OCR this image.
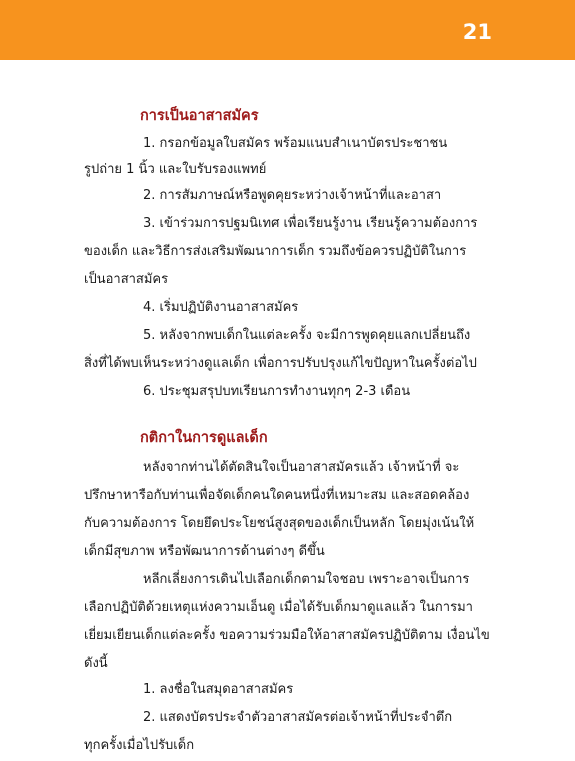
21
การเป็นอาสาสมัคร
1. กรอกข้อมูลใบสมัคร พร้อมแนบสำเนาบัตรประชาชน
รูปถ่าย 1 นิ้ว และใบรับรองแพทย์
2. การสัมภาษณ์หรือพูดคุยระหว่างเจ้าหน้าที่และอาสา
3. เข้าร่วมการปฐมนิเทศ เพื่อเรียนรู้งาน เรียนรู้ความต้องการ
ของเด็ก และวิธีการส่งเสริมพัฒนาการเด็ก รวมถึงข้อควรปฏิบัติในการ
เป็นอาสาสมัคร
4. เริ่มปฏิบัติงานอาสาสมัคร
5. หลังจากพบเด็กในแต่ละครั้ง จะมีการพูดคุยแลกเปลี่ยนถึง
สิ่งที่ได้พบเห็นระหว่างดูแลเด็ก เพื่อการปรับปรุงแก้ไขปัญหาในครั้งต่อไป
6. ประชุมสรุปบทเรียนการทำงานทุกๆ 2-3 เดือน
กติกาในการดูแลเด็ก
หลังจากท่านได้ตัดสินใจเป็นอาสาสมัครแล้ว เจ้าหน้าที่ จะ
ปรึกษาหารือกับท่านเพื่อจัดเด็กคนใดคนหนึ่งที่เหมาะสม และสอดคล้อง
กับความต้องการ โดยยึดประโยชน์สูงสุดของเด็กเป็นหลัก โดยมุ่งเน้นให้
เด็กมีสุขภาพ หรือพัฒนาการด้านต่างๆ ดีขึ้น
หลีกเลี่ยงการเดินไปเลือกเด็กตามใจชอบ เพราะอาจเป็นการ
เลือกปฏิบัติด้วยเหตุแห่งความเอ็นดู เมื่อได้รับเด็กมาดูแลแล้ว ในการมา
เยี่ยมเยียนเด็กแต่ละครั้ง ขอความร่วมมือให้อาสาสมัครปฏิบัติตาม เงื่อนไข
ดังนี้
1. ลงชื่อในสมุดอาสาสมัคร
2. แสดงบัตรประจำตัวอาสาสมัครต่อเจ้าหน้าที่ประจำตึก
ทุกครั้งเมื่อไปรับเด็ก
